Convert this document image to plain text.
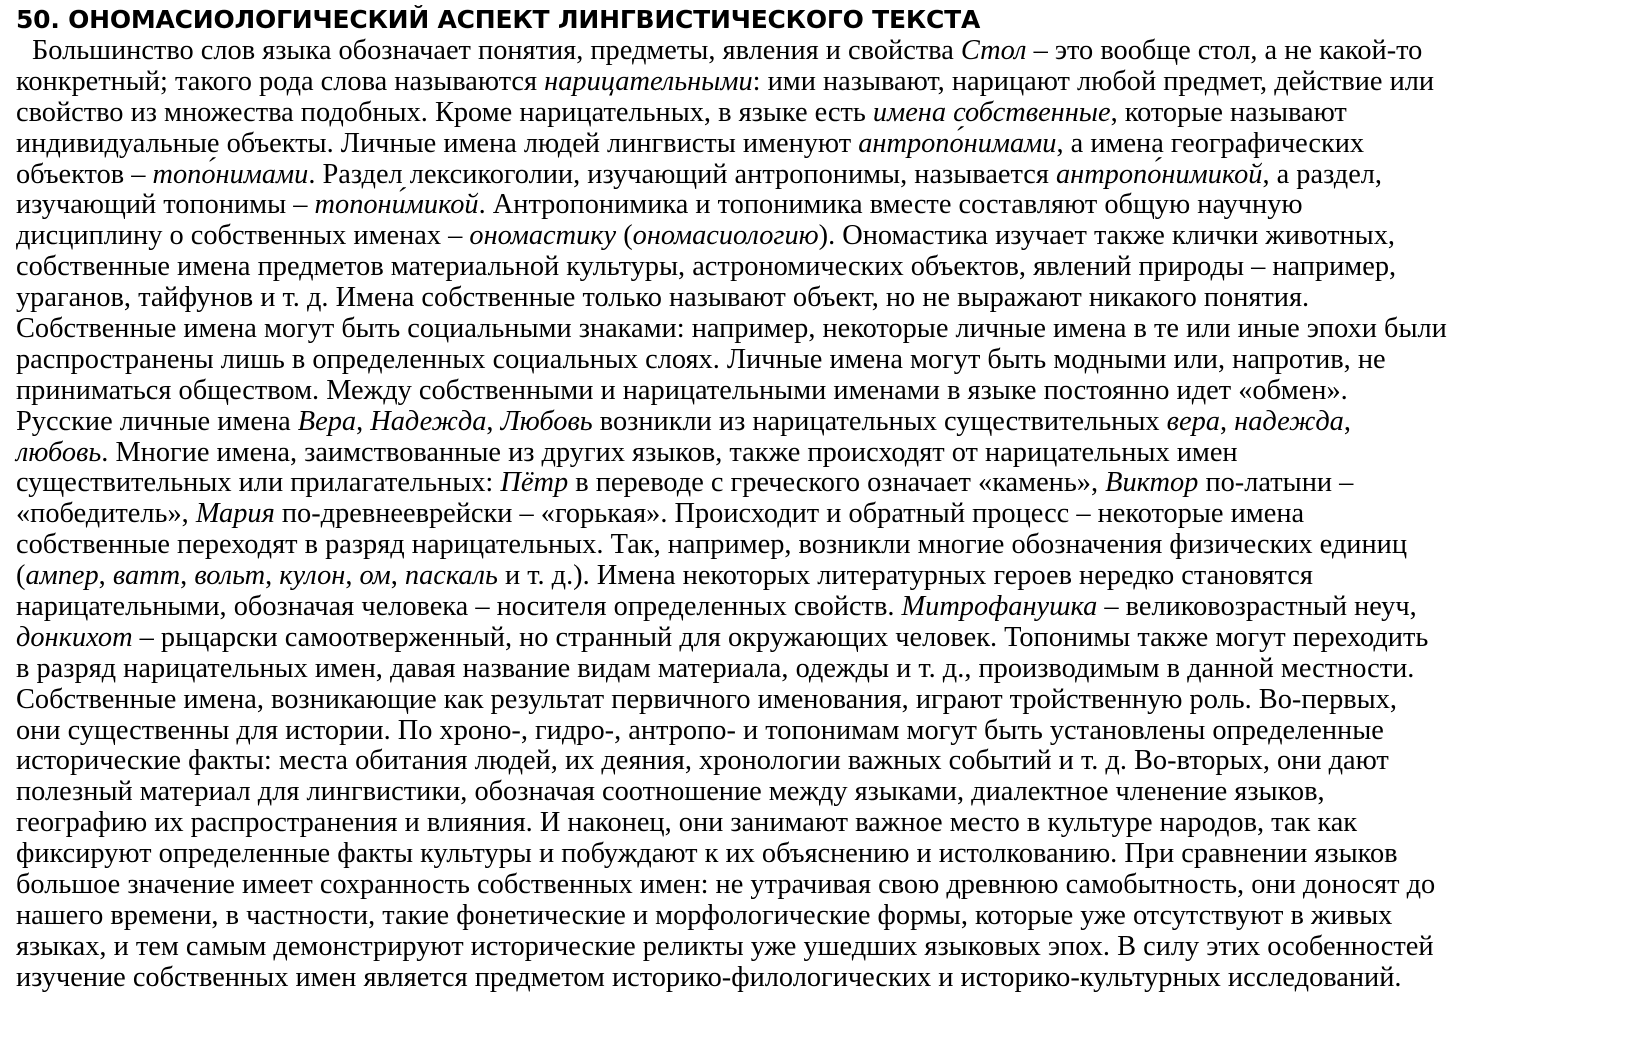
50. ОНОМАСИОЛОГИЧЕСКИЙ АСПЕКТ ЛИНГВИСТИЧЕСКОГО ТЕКСТА
Большинство слов языка обозначает понятия, предметы, явления и свойства Стол – это вообще стол, а не какой-то
конкретный; такого рода слова называются нарицательными: ими называют, нарицают любой предмет, действие или
свойство из множества подобных. Кроме нарицательных, в языке есть имена собственные, которые называют
индивидуальные объекты. Личные имена людей лингвисты именуют антропо́нимами, а имена географических
объектов – топо́нимами. Раздел лексикоголии, изучающий антропонимы, называется антропо́нимикой, а раздел,
изучающий топонимы – топони́микой. Антропонимика и топонимика вместе составляют общую научную
дисциплину о собственных именах – ономастику (ономасиологию). Ономастика изучает также клички животных,
собственные имена предметов материальной культуры, астрономических объектов, явлений природы – например,
ураганов, тайфунов и т. д. Имена собственные только называют объект, но не выражают никакого понятия.
Собственные имена могут быть социальными знаками: например, некоторые личные имена в те или иные эпохи были
распространены лишь в определенных социальных слоях. Личные имена могут быть модными или, напротив, не
приниматься обществом. Между собственными и нарицательными именами в языке постоянно идет «обмен».
Русские личные имена Вера, Надежда, Любовь возникли из нарицательных существительных вера, надежда,
любовь. Многие имена, заимствованные из других языков, также происходят от нарицательных имен
существительных или прилагательных: Пётр в переводе с греческого означает «камень», Виктор по-латыни –
«победитель», Мария по-древнееврейски – «горькая». Происходит и обратный процесс – некоторые имена
собственные переходят в разряд нарицательных. Так, например, возникли многие обозначения физических единиц
(ампер, ватт, вольт, кулон, ом, паскаль и т. д.). Имена некоторых литературных героев нередко становятся
нарицательными, обозначая человека – носителя определенных свойств. Митрофанушка – великовозрастный неуч,
донкихот – рыцарски самоотверженный, но странный для окружающих человек. Топонимы также могут переходить
в разряд нарицательных имен, давая название видам материала, одежды и т. д., производимым в данной местности.
Собственные имена, возникающие как результат первичного именования, играют тройственную роль. Во-первых,
они существенны для истории. По хроно-, гидро-, антропо- и топонимам могут быть установлены определенные
исторические факты: места обитания людей, их деяния, хронологии важных событий и т. д. Во-вторых, они дают
полезный материал для лингвистики, обозначая соотношение между языками, диалектное членение языков,
географию их распространения и влияния. И наконец, они занимают важное место в культуре народов, так как
фиксируют определенные факты культуры и побуждают к их объяснению и истолкованию. При сравнении языков
большое значение имеет сохранность собственных имен: не утрачивая свою древнюю самобытность, они доносят до
нашего времени, в частности, такие фонетические и морфологические формы, которые уже отсутствуют в живых
языках, и тем самым демонстрируют исторические реликты уже ушедших языковых эпох. В силу этих особенностей
изучение собственных имен является предметом историко-филологических и историко-культурных исследований.
